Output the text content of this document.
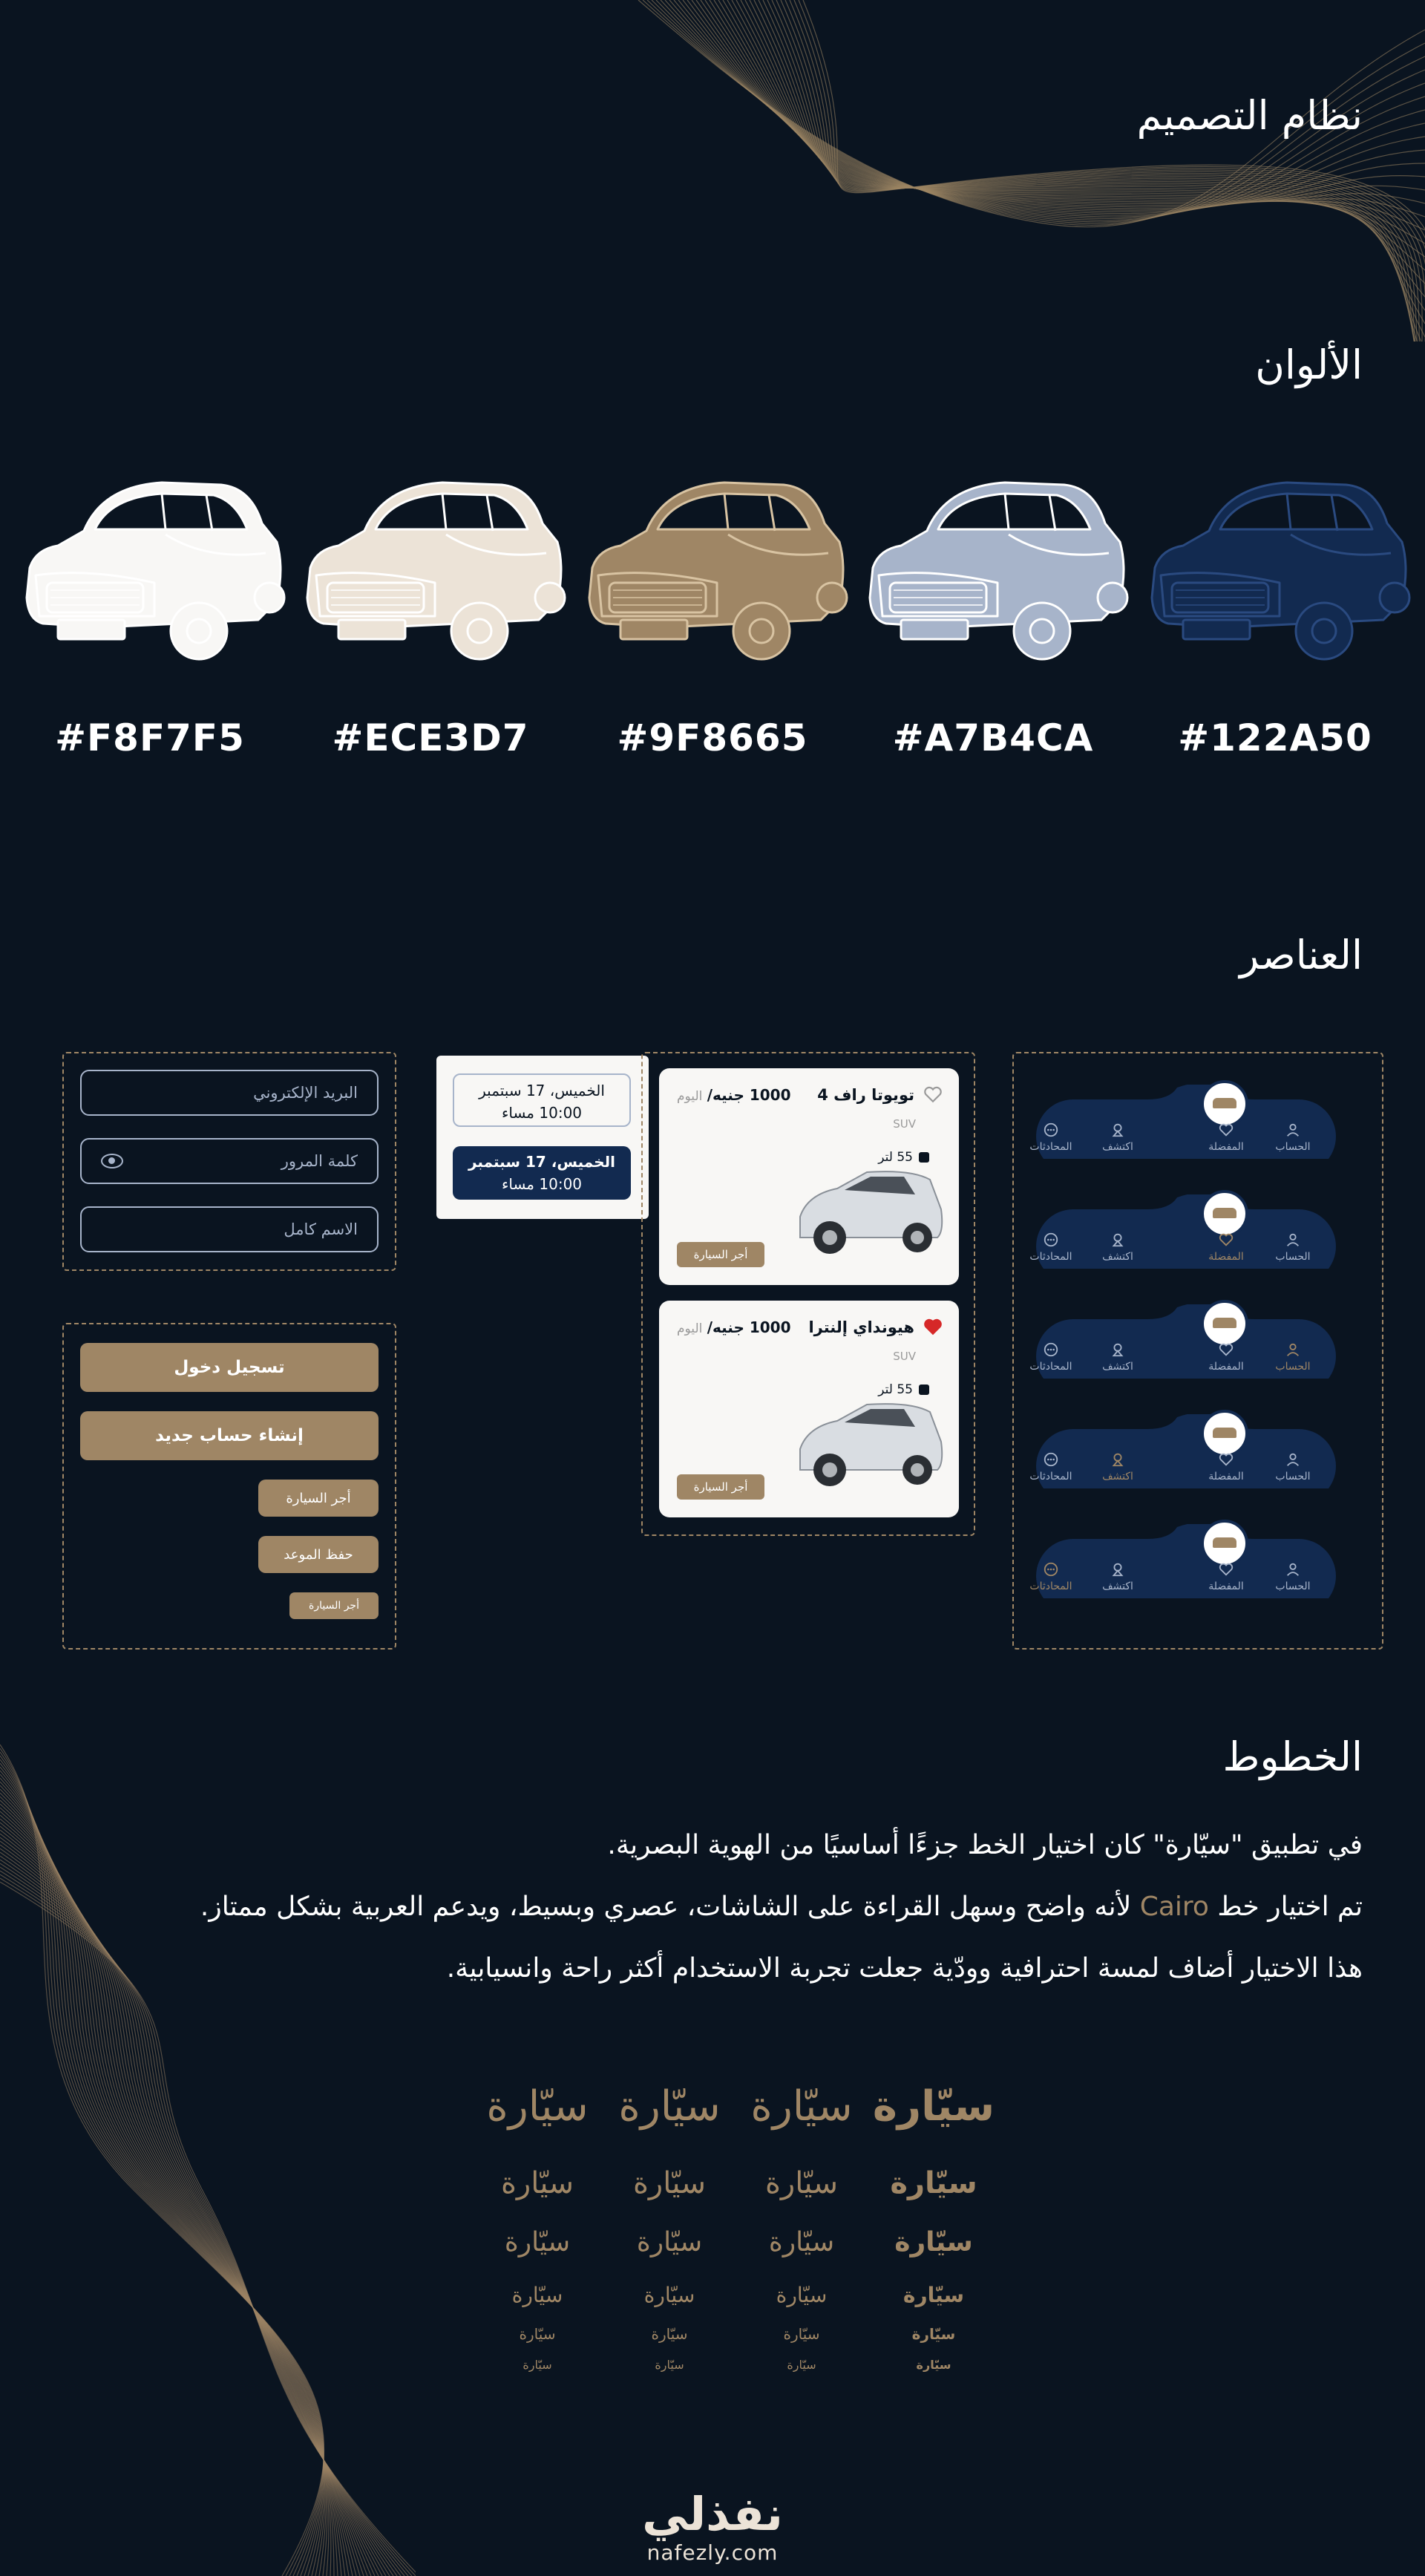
نظام التصميم
الألوان
العناصر
الخطوط
#F8F7F5	#ECE3D7	#9F8665	#A7B4CA	#122A50
البريد الإلكتروني
كلمة المرور
الاسم كامل
تسجيل دخول
إنشاء حساب جديد
أجر السيارة
حفظ الموعد
أجر السيارة
الخميس، 17 سبتمبر
10:00 مساء
الخميس، 17 سبتمبر
10:00 مساء
تويوتا راف 4
1000 جنيه/ اليوم
SUV
55 لتر
أجر السيارة
هيونداي إلنترا
1000 جنيه/ اليوم
SUV
55 لتر
أجر السيارة
الحساب
المفضلة
اكتشف
المحادثات
الحساب
المفضلة
اكتشف
المحادثات
الحساب
المفضلة
اكتشف
المحادثات
الحساب
المفضلة
اكتشف
المحادثات
الحساب
المفضلة
اكتشف
المحادثات
في تطبيق "سيّارة" كان اختيار الخط جزءًا أساسيًا من الهوية البصرية.
تم اختيار خط Cairo لأنه واضح وسهل القراءة على الشاشات، عصري وبسيط، ويدعم العربية بشكل ممتاز.
هذا الاختيار أضاف لمسة احترافية وودّية جعلت تجربة الاستخدام أكثر راحة وانسيابية.
سيّارة
سيّارة
سيّارة
سيّارة
سيّارة
سيّارة
سيّارة
سيّارة
سيّارة
سيّارة
سيّارة
سيّارة
سيّارة
سيّارة
سيّارة
سيّارة
سيّارة
سيّارة
سيّارة
سيّارة
سيّارة
سيّارة
سيّارة
سيّارة
نفذلي
nafezly.com
